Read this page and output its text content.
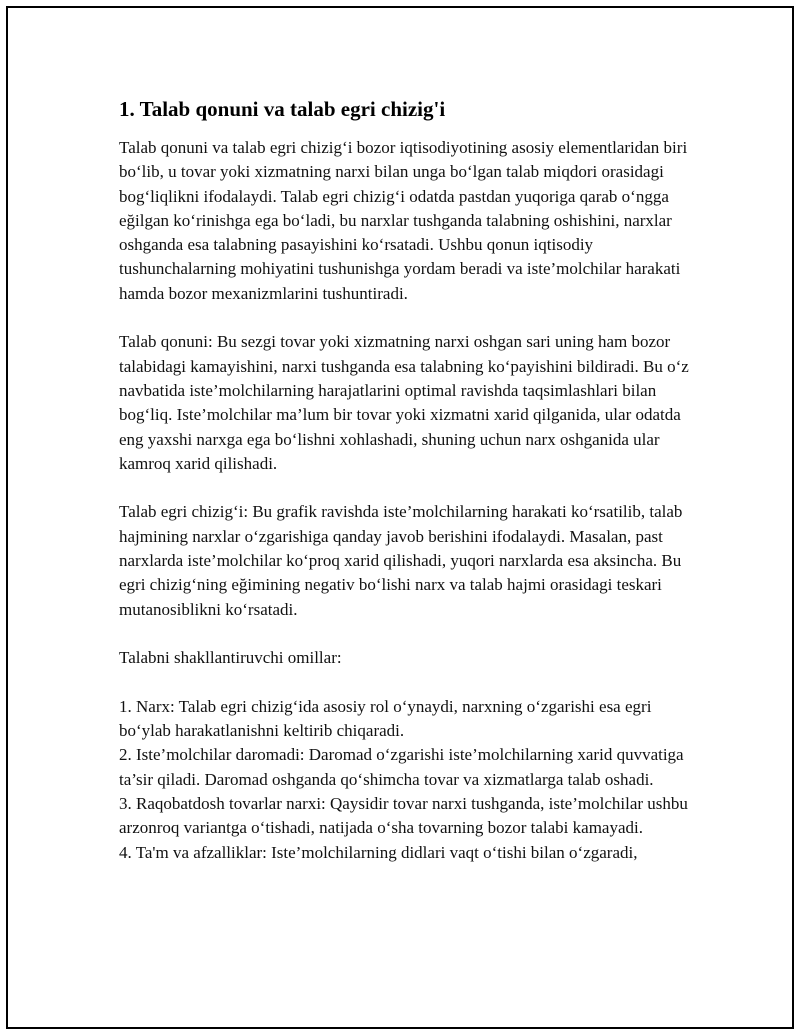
1. Talab qonuni va talab egri chizig'i

Talab qonuni va talab egri chizig‘i bozor iqtisodiyotining asosiy elementlaridan biri bo‘lib, u tovar yoki xizmatning narxi bilan unga bo‘lgan talab miqdori orasidagi bog‘liqlikni ifodalaydi. Talab egri chizig‘i odatda pastdan yuqoriga qarab o‘ngga eğilgan ko‘rinishga ega bo‘ladi, bu narxlar tushganda talabning oshishini, narxlar oshganda esa talabning pasayishini ko‘rsatadi. Ushbu qonun iqtisodiy tushunchalarning mohiyatini tushunishga yordam beradi va iste’molchilar harakati hamda bozor mexanizmlarini tushuntiradi.

Talab qonuni: Bu sezgi tovar yoki xizmatning narxi oshgan sari uning ham bozor talabidagi kamayishini, narxi tushganda esa talabning ko‘payishini bildiradi. Bu o‘z navbatida iste’molchilarning harajatlarini optimal ravishda taqsimlashlari bilan bog‘liq. Iste’molchilar ma’lum bir tovar yoki xizmatni xarid qilganida, ular odatda eng yaxshi narxga ega bo‘lishni xohlashadi, shuning uchun narx oshganida ular kamroq xarid qilishadi.

Talab egri chizig‘i: Bu grafik ravishda iste’molchilarning harakati ko‘rsatilib, talab hajmining narxlar o‘zgarishiga qanday javob berishini ifodalaydi. Masalan, past narxlarda iste’molchilar ko‘proq xarid qilishadi, yuqori narxlarda esa aksincha. Bu egri chizig‘ning eğimining negativ bo‘lishi narx va talab hajmi orasidagi teskari mutanosiblikni ko‘rsatadi.

Talabni shakllantiruvchi omillar:

1. Narx: Talab egri chizig‘ida asosiy rol o‘ynaydi, narxning o‘zgarishi esa egri bo‘ylab harakatlanishni keltirib chiqaradi.

2. Iste’molchilar daromadi: Daromad o‘zgarishi iste’molchilarning xarid quvvatiga ta’sir qiladi. Daromad oshganda qo‘shimcha tovar va xizmatlarga talab oshadi.

3. Raqobatdosh tovarlar narxi: Qaysidir tovar narxi tushganda, iste’molchilar ushbu arzonroq variantga o‘tishadi, natijada o‘sha tovarning bozor talabi kamayadi.

4. Ta'm va afzalliklar: Iste’molchilarning didlari vaqt o‘tishi bilan o‘zgaradi,
